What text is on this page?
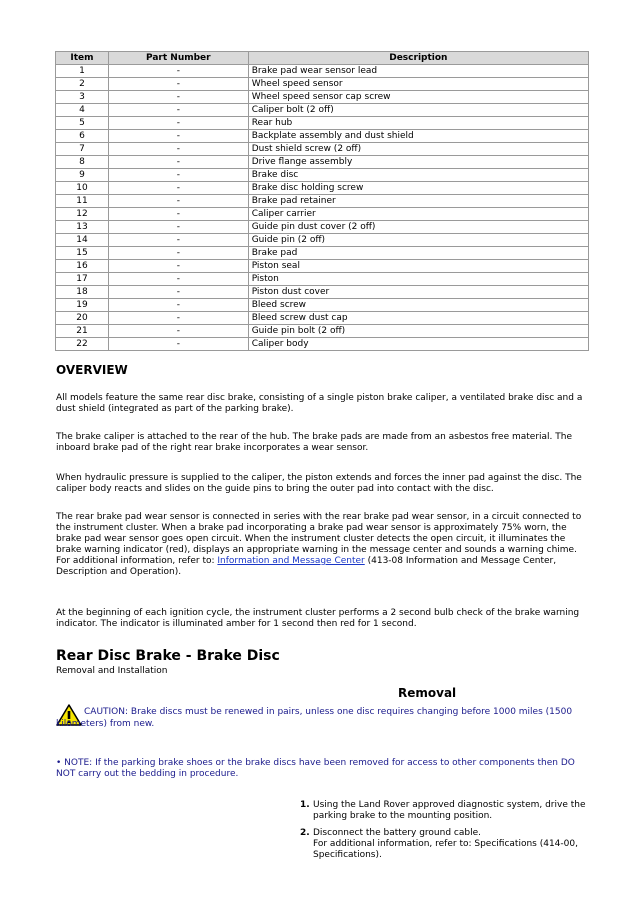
Item	Part Number	Description
1	-	Brake pad wear sensor lead
2	-	Wheel speed sensor
3	-	Wheel speed sensor cap screw
4	-	Caliper bolt (2 off)
5	-	Rear hub
6	-	Backplate assembly and dust shield
7	-	Dust shield screw (2 off)
8	-	Drive flange assembly
9	-	Brake disc
10	-	Brake disc holding screw
11	-	Brake pad retainer
12	-	Caliper carrier
13	-	Guide pin dust cover (2 off)
14	-	Guide pin (2 off)
15	-	Brake pad
16	-	Piston seal
17	-	Piston
18	-	Piston dust cover
19	-	Bleed screw
20	-	Bleed screw dust cap
21	-	Guide pin bolt (2 off)
22	-	Caliper body
OVERVIEW
All models feature the same rear disc brake, consisting of a single piston brake caliper, a ventilated brake disc and a dust shield (integrated as part of the parking brake).
The brake caliper is attached to the rear of the hub. The brake pads are made from an asbestos free material. The inboard brake pad of the right rear brake incorporates a wear sensor.
When hydraulic pressure is supplied to the caliper, the piston extends and forces the inner pad against the disc. The caliper body reacts and slides on the guide pins to bring the outer pad into contact with the disc.
The rear brake pad wear sensor is connected in series with the rear brake pad wear sensor, in a circuit connected to the instrument cluster. When a brake pad incorporating a brake pad wear sensor is approximately 75% worn, the brake pad wear sensor goes open circuit. When the instrument cluster detects the open circuit, it illuminates the brake warning indicator (red), displays an appropriate warning in the message center and sounds a warning chime.
For additional information, refer to: Information and Message Center (413-08 Information and Message Center, Description and Operation).
At the beginning of each ignition cycle, the instrument cluster performs a 2 second bulb check of the brake warning indicator. The indicator is illuminated amber for 1 second then red for 1 second.
Rear Disc Brake - Brake Disc
Removal and Installation
Removal
CAUTION: Brake discs must be renewed in pairs, unless one disc requires changing before 1000 miles (1500 kilometers) from new.
• NOTE: If the parking brake shoes or the brake discs have been removed for access to other components then DO NOT carry out the bedding in procedure.
1. Using the Land Rover approved diagnostic system, drive the parking brake to the mounting position.
2. Disconnect the battery ground cable.
For additional information, refer to: Specifications (414-00, Specifications).
